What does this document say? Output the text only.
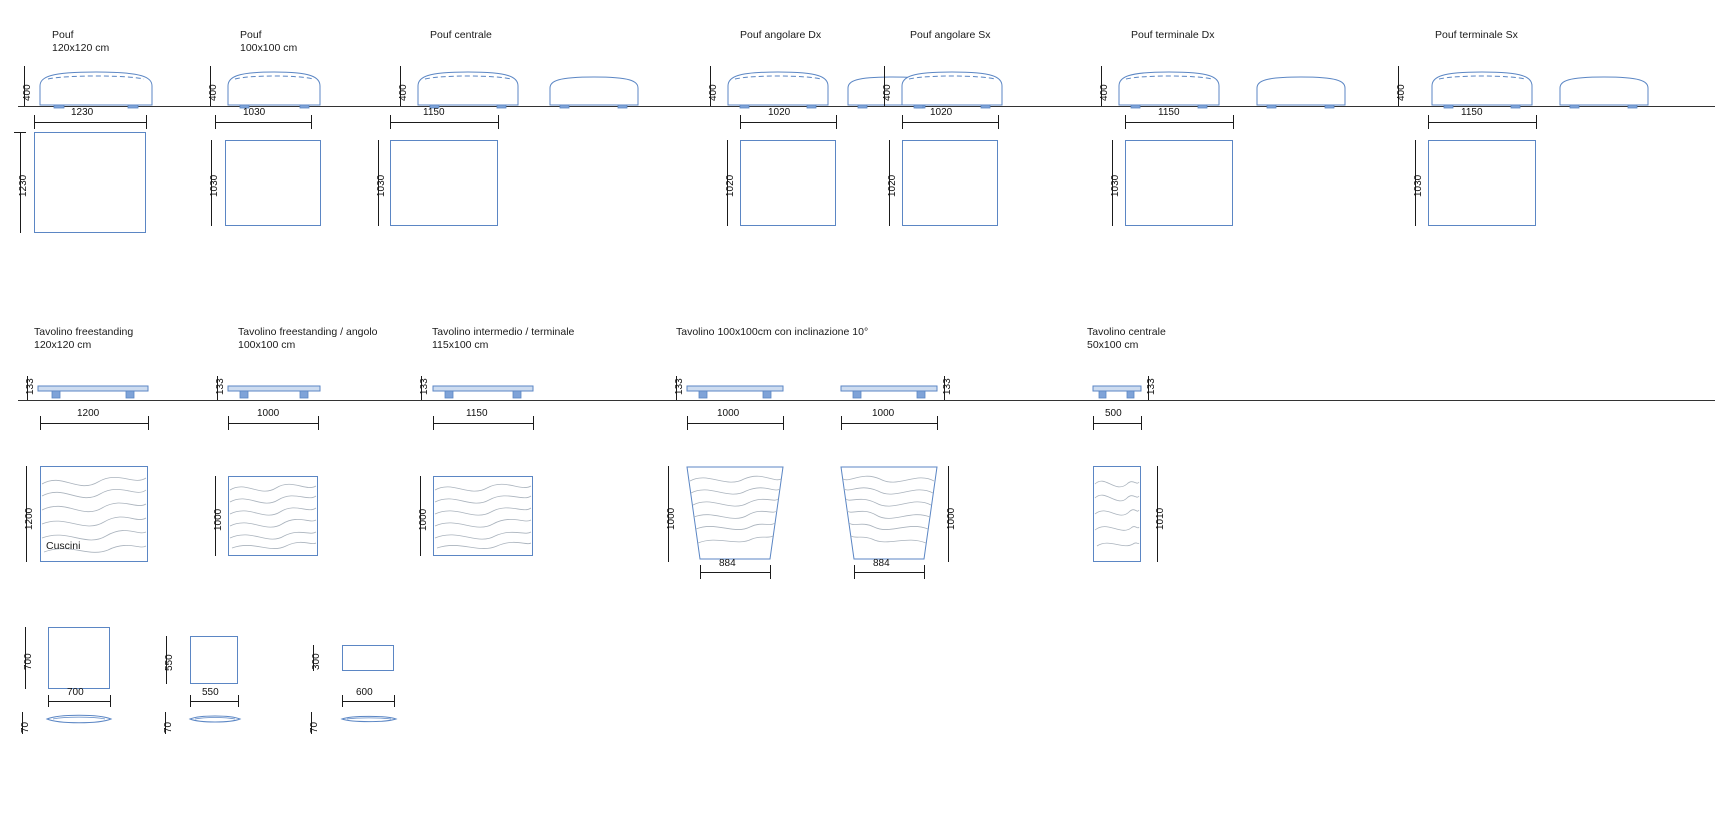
Pouf
120x120 cm
400
1230
1230
Pouf
100x100 cm
400
1030
1030
Pouf centrale
400
1150
1030
Pouf angolare Dx
400
1020
1020
Pouf angolare Sx
400
1020
1020
Pouf terminale Dx
400
1150
1030
Pouf terminale Sx
400
1150
1030
Tavolino freestanding
120x120 cm
133
1200
1200
Tavolino freestanding / angolo
100x100 cm
133
1000
1000
Tavolino intermedio / terminale
115x100 cm
133
1150
1000
Tavolino 100x100cm con inclinazione 10°
133
1000
1000
884
133
1000
1000
884
Tavolino centrale
50x100 cm
133
500
1010
Cuscini
700
700
70
550
550
70
300
600
70
